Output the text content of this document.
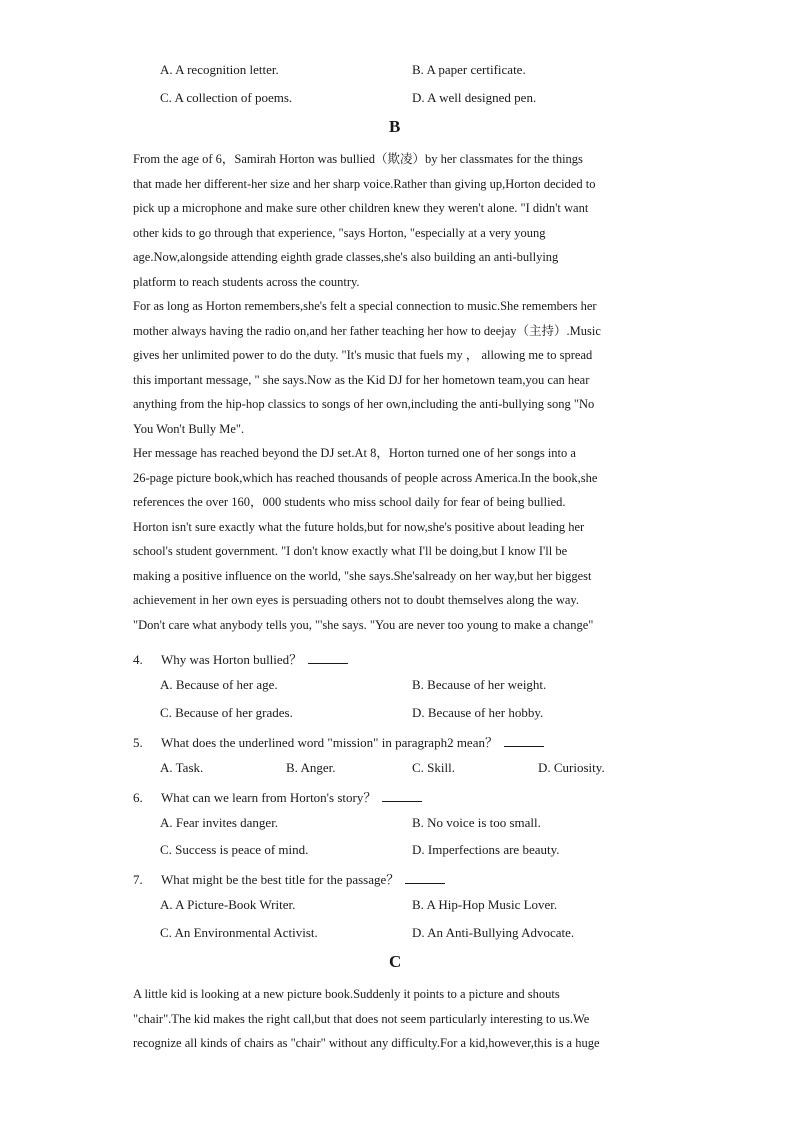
A. A recognition letter.	B. A paper certificate.
C. A collection of poems.	D. A well designed pen.
B
From the age of 6，Samirah Horton was bullied（欺凌）by her classmates for the things
that made her different-her size and her sharp voice.Rather than giving up,Horton decided to
pick up a microphone and make sure other children knew they weren't alone. "I didn't want
other kids to go through that experience, "says Horton, "especially at a very young
age.Now,alongside attending eighth grade classes,she's also building an anti-bullying
platform to reach students across the country.
For as long as Horton remembers,she's felt a special connection to music.She remembers her
mother always having the radio on,and her father teaching her how to deejay（主持）.Music
gives her unlimited power to do the duty. "It's music that fuels my ， allowing me to spread
this important message, " she says.Now as the Kid DJ for her hometown team,you can hear
anything from the hip-hop classics to songs of her own,including the anti-bullying song "No
You Won't Bully Me".
Her message has reached beyond the DJ set.At 8，Horton turned one of her songs into a
26-page picture book,which has reached thousands of people across America.In the book,she
references the over 160，000 students who miss school daily for fear of being bullied.
Horton isn't sure exactly what the future holds,but for now,she's positive about leading her
school's student government. "I don't know exactly what I'll be doing,but I know I'll be
making a positive influence on the world, "she says.She'salready on her way,but her biggest
achievement in her own eyes is persuading others not to doubt themselves along the way.
"Don't care what anybody tells you, "'she says. "You are never too young to make a change"
4. Why was Horton bullied？
A. Because of her age.	B. Because of her weight.
C. Because of her grades.	D. Because of her hobby.
5. What does the underlined word "mission" in paragraph2 mean？
A. Task.	B. Anger.	C. Skill.	D. Curiosity.
6. What can we learn from Horton's story？
A. Fear invites danger.	B. No voice is too small.
C. Success is peace of mind.	D. Imperfections are beauty.
7. What might be the best title for the passage？
A. A Picture-Book Writer.	B. A Hip-Hop Music Lover.
C. An Environmental Activist.	D. An Anti-Bullying Advocate.
C
A little kid is looking at a new picture book.Suddenly it points to a picture and shouts
"chair".The kid makes the right call,but that does not seem particularly interesting to us.We
recognize all kinds of chairs as "chair" without any difficulty.For a kid,however,this is a huge
